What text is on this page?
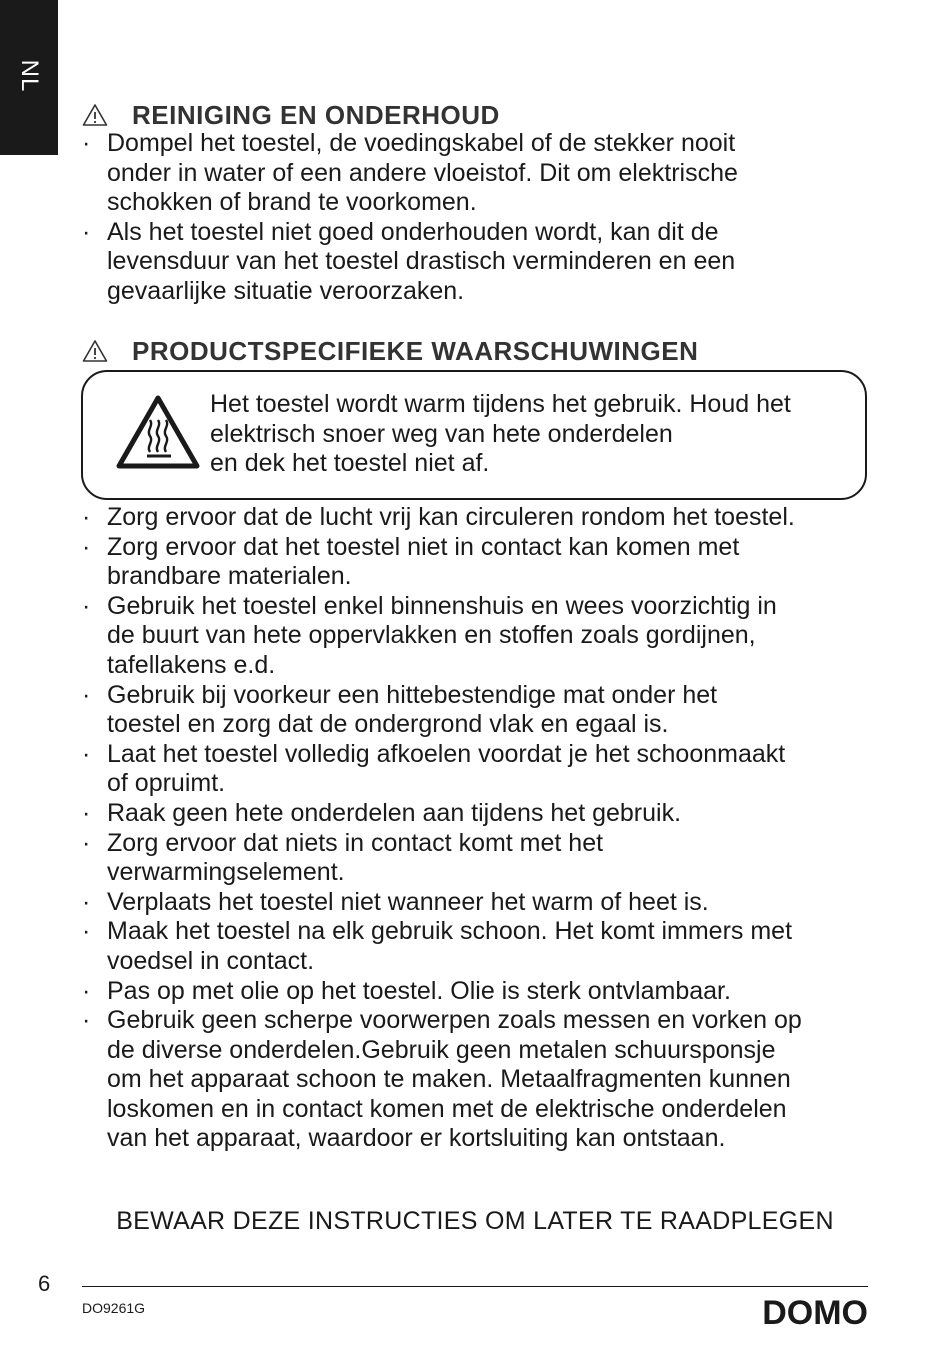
NL
REINIGING EN ONDERHOUD
· Dompel het toestel, de voedingskabel of de stekker nooit
onder in water of een andere vloeistof. Dit om elektrische
schokken of brand te voorkomen.
· Als het toestel niet goed onderhouden wordt, kan dit de
levensduur van het toestel drastisch verminderen en een
gevaarlijke situatie veroorzaken.
PRODUCTSPECIFIEKE WAARSCHUWINGEN
Het toestel wordt warm tijdens het gebruik. Houd het
elektrisch snoer weg van hete onderdelen
en dek het toestel niet af.
· Zorg ervoor dat de lucht vrij kan circuleren rondom het toestel.
· Zorg ervoor dat het toestel niet in contact kan komen met
brandbare materialen.
· Gebruik het toestel enkel binnenshuis en wees voorzichtig in
de buurt van hete oppervlakken en stoffen zoals gordijnen,
tafellakens e.d.
· Gebruik bij voorkeur een hittebestendige mat onder het
toestel en zorg dat de ondergrond vlak en egaal is.
· Laat het toestel volledig afkoelen voordat je het schoonmaakt
of opruimt.
· Raak geen hete onderdelen aan tijdens het gebruik.
· Zorg ervoor dat niets in contact komt met het
verwarmingselement.
· Verplaats het toestel niet wanneer het warm of heet is.
· Maak het toestel na elk gebruik schoon. Het komt immers met
voedsel in contact.
· Pas op met olie op het toestel. Olie is sterk ontvlambaar.
· Gebruik geen scherpe voorwerpen zoals messen en vorken op
de diverse onderdelen.Gebruik geen metalen schuursponsje
om het apparaat schoon te maken. Metaalfragmenten kunnen
loskomen en in contact komen met de elektrische onderdelen
van het apparaat, waardoor er kortsluiting kan ontstaan.
BEWAAR DEZE INSTRUCTIES OM LATER TE RAADPLEGEN
6
DO9261G	DOMO
